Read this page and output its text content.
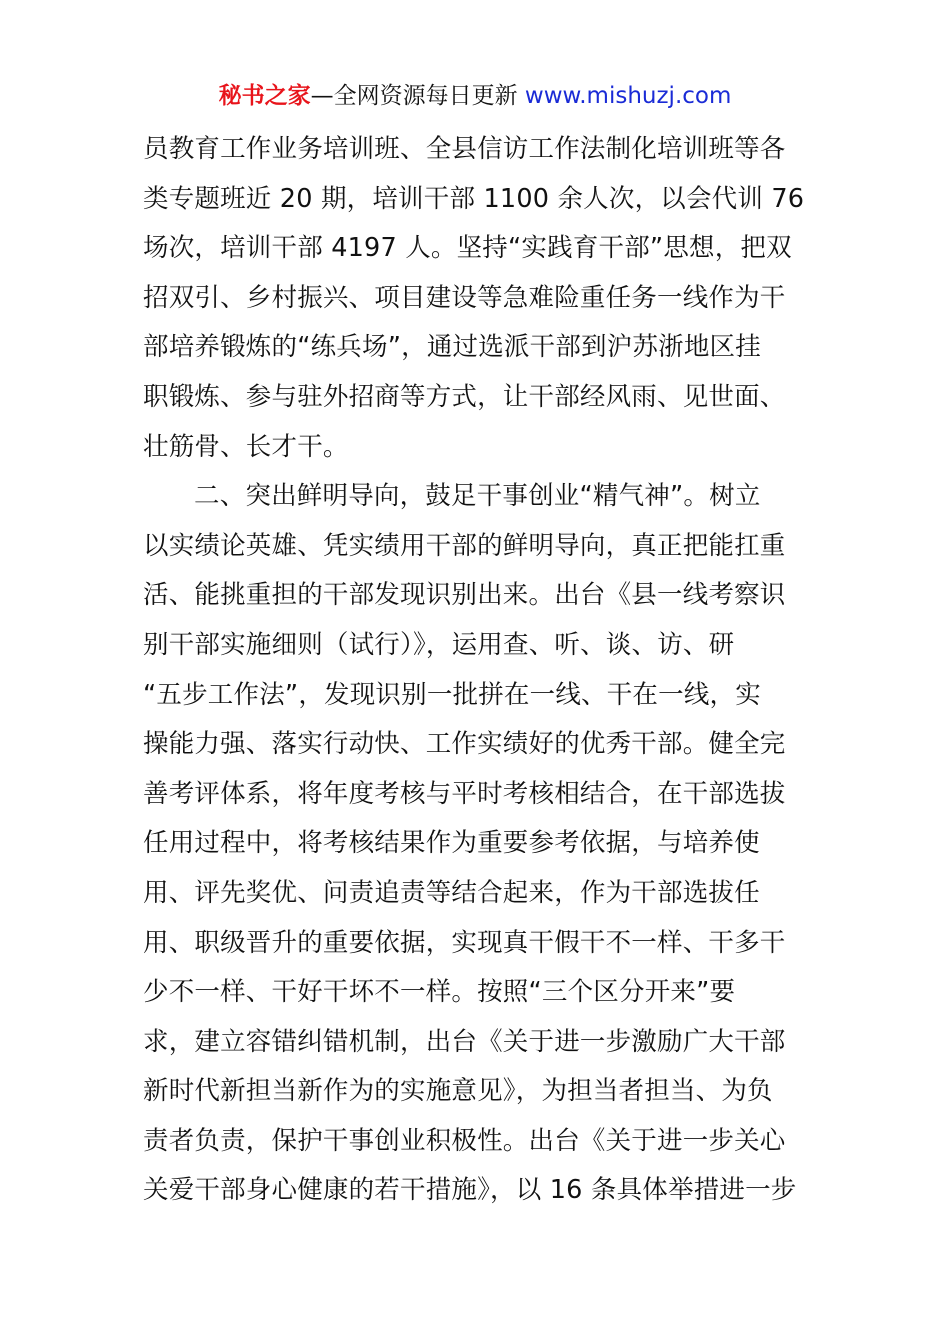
秘书之家—全网资源每日更新 www.mishuzj.com
员教育工作业务培训班、全县信访工作法制化培训班等各
类专题班近 20 期，培训干部 1100 余人次，以会代训 76
场次，培训干部 4197 人。坚持“实践育干部”思想，把双
招双引、乡村振兴、项目建设等急难险重任务一线作为干
部培养锻炼的“练兵场”，通过选派干部到沪苏浙地区挂
职锻炼、参与驻外招商等方式，让干部经风雨、见世面、
壮筋骨、长才干。
二、突出鲜明导向，鼓足干事创业“精气神”。树立
以实绩论英雄、凭实绩用干部的鲜明导向，真正把能扛重
活、能挑重担的干部发现识别出来。出台《县一线考察识
别干部实施细则（试行）》，运用查、听、谈、访、研
“五步工作法”，发现识别一批拼在一线、干在一线，实
操能力强、落实行动快、工作实绩好的优秀干部。健全完
善考评体系，将年度考核与平时考核相结合，在干部选拔
任用过程中，将考核结果作为重要参考依据，与培养使
用、评先奖优、问责追责等结合起来，作为干部选拔任
用、职级晋升的重要依据，实现真干假干不一样、干多干
少不一样、干好干坏不一样。按照“三个区分开来”要
求，建立容错纠错机制，出台《关于进一步激励广大干部
新时代新担当新作为的实施意见》，为担当者担当、为负
责者负责，保护干事创业积极性。出台《关于进一步关心
关爱干部身心健康的若干措施》，以 16 条具体举措进一步
